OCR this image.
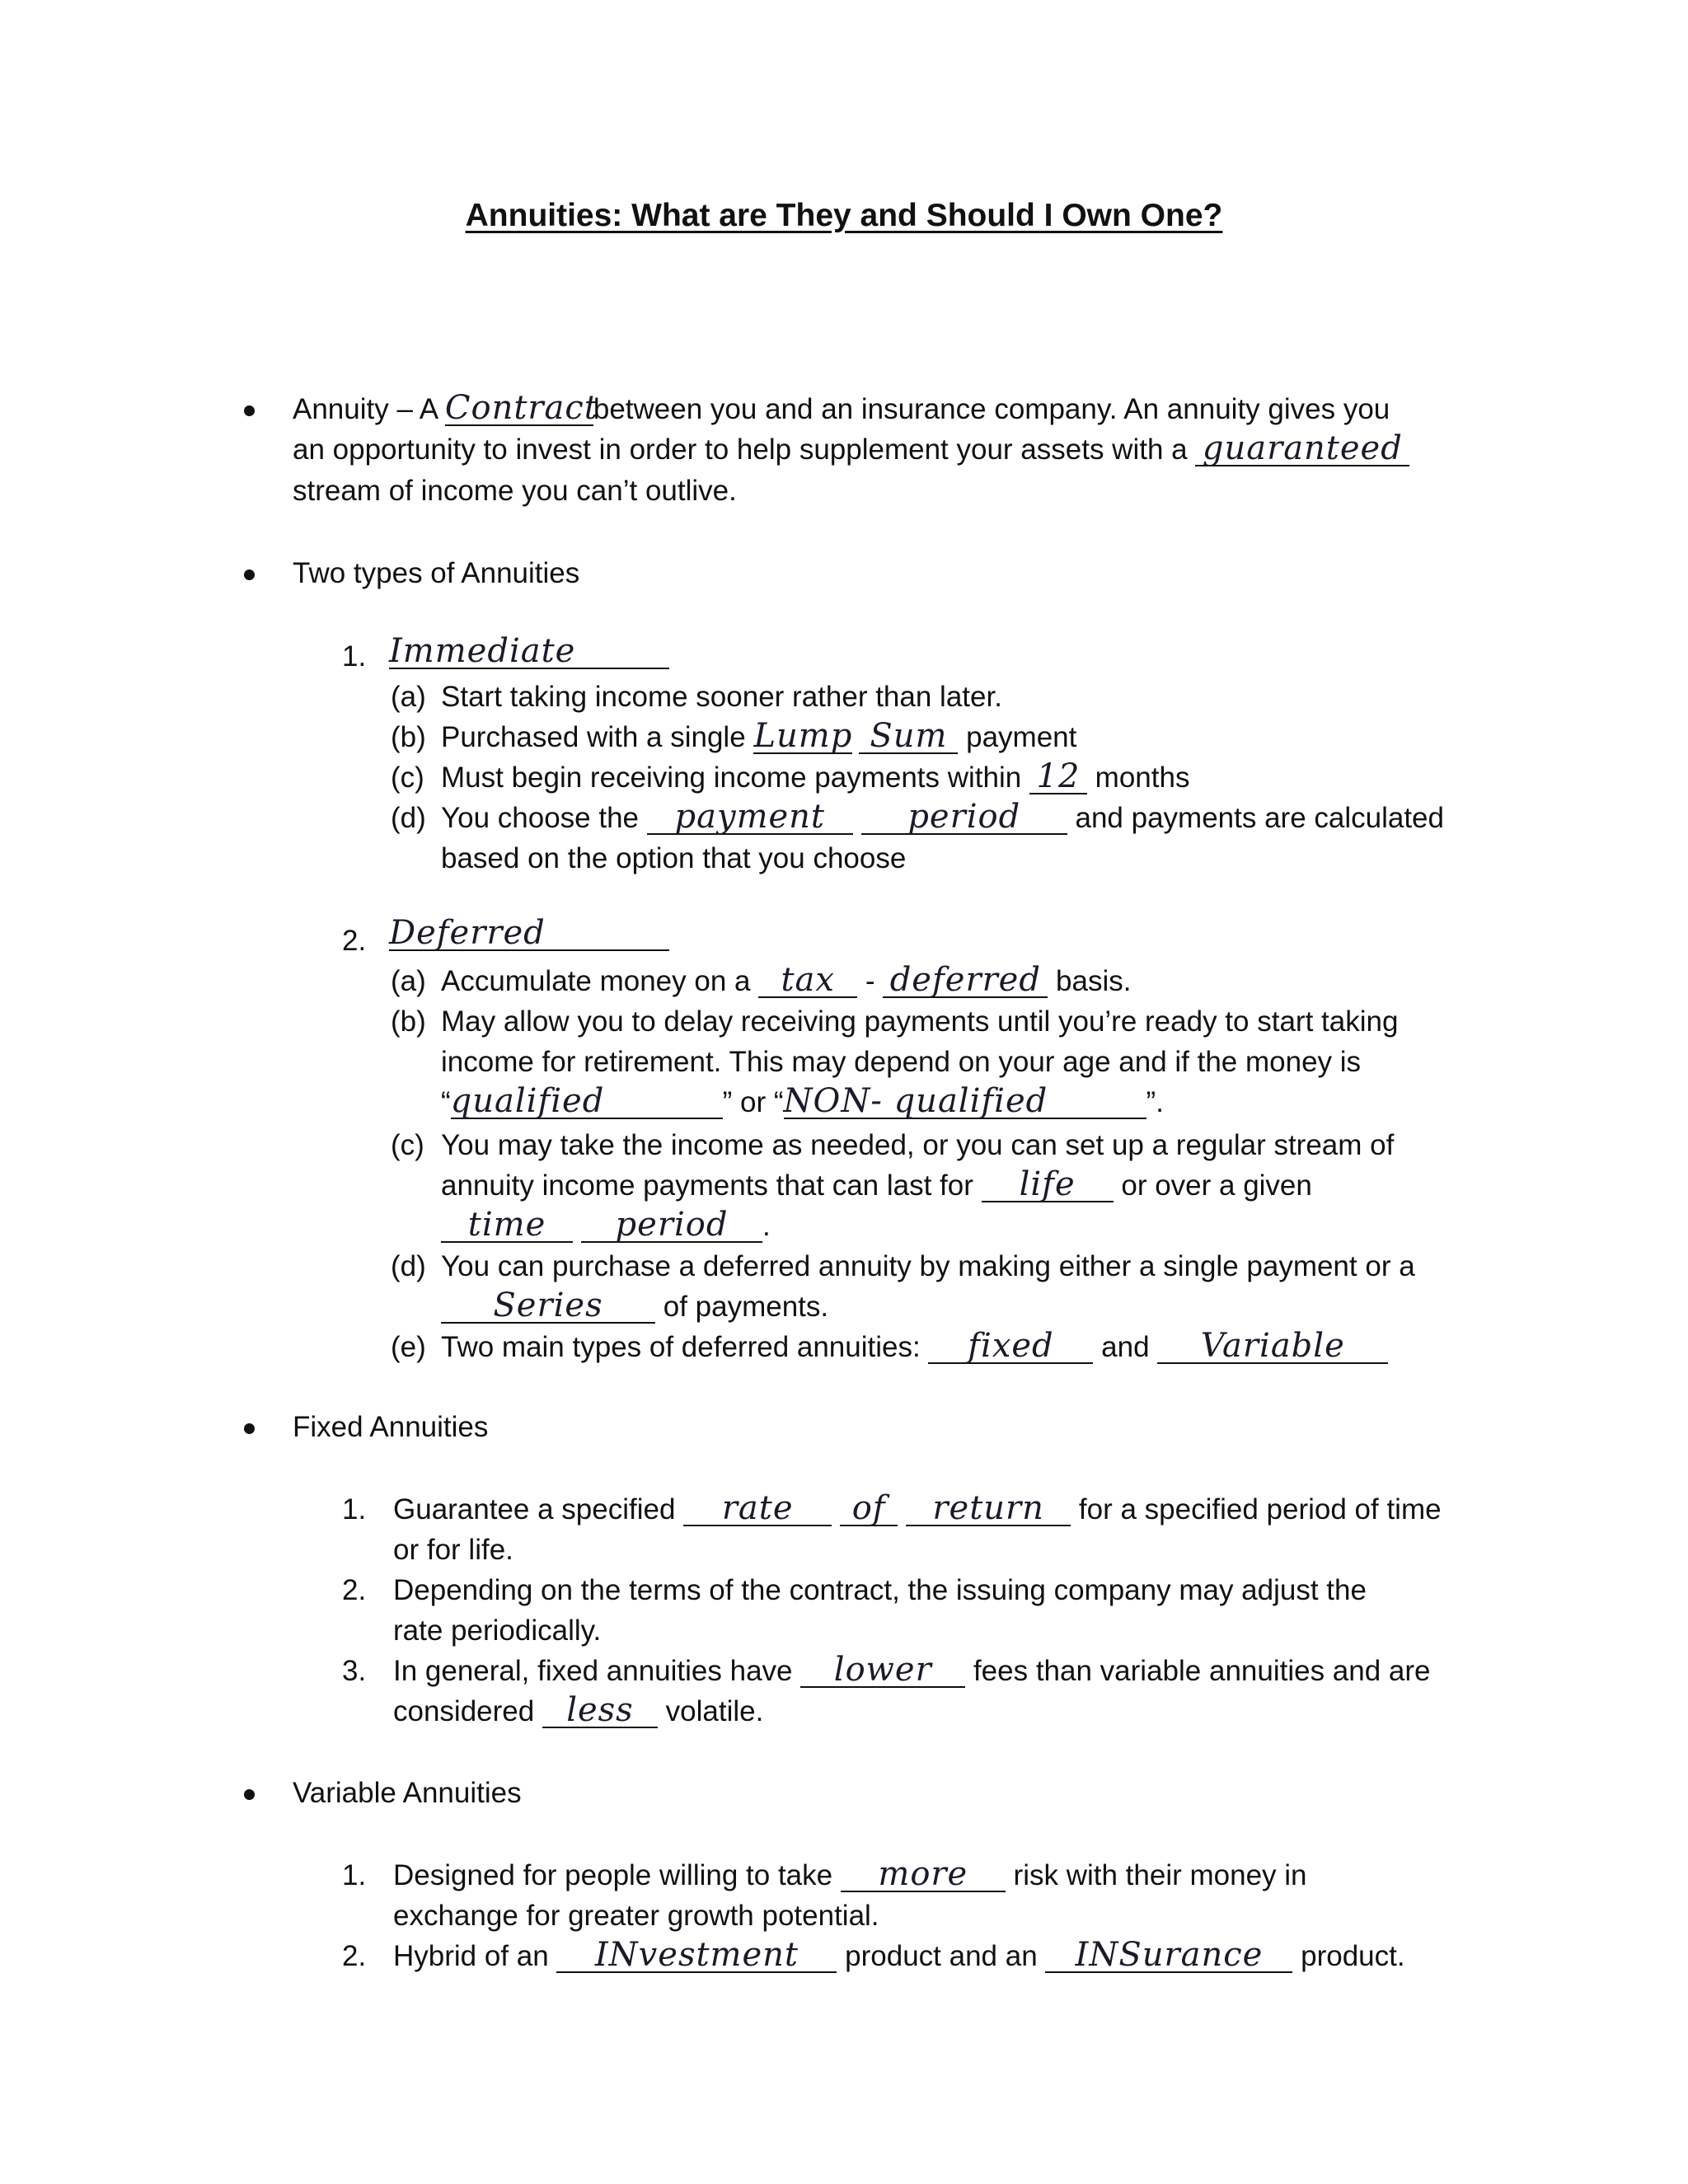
Annuities: What are They and Should I Own One?
Annuity – A Contractbetween you and an insurance company. An annuity gives you
an opportunity to invest in order to help supplement your assets with a guaranteed
stream of income you can’t outlive.
Two types of Annuities
1. Immediate
(a) Start taking income sooner rather than later.
(b) Purchased with a single Lump Sum payment
(c) Must begin receiving income payments within 12 months
(d) You choose the payment	period and payments are calculated
based on the option that you choose
2. Deferred
(a) Accumulate money on a tax - deferred basis.
(b) May allow you to delay receiving payments until you’re ready to start taking
income for retirement. This may depend on your age and if the money is
“qualified	” or “NON- qualified	”.
(c) You may take the income as needed, or you can set up a regular stream of
annuity income payments that can last for life or over a given
time period .
(d) You can purchase a deferred annuity by making either a single payment or a
Series of payments.
(e) Two main types of deferred annuities: fixed and Variable
Fixed Annuities
1. Guarantee a specified rate of return for a specified period of time
or for life.
2. Depending on the terms of the contract, the issuing company may adjust the
rate periodically.
3. In general, fixed annuities have lower fees than variable annuities and are
considered less volatile.
Variable Annuities
1. Designed for people willing to take more risk with their money in
exchange for greater growth potential.
2. Hybrid of an INvestment product and an INSurance product.
